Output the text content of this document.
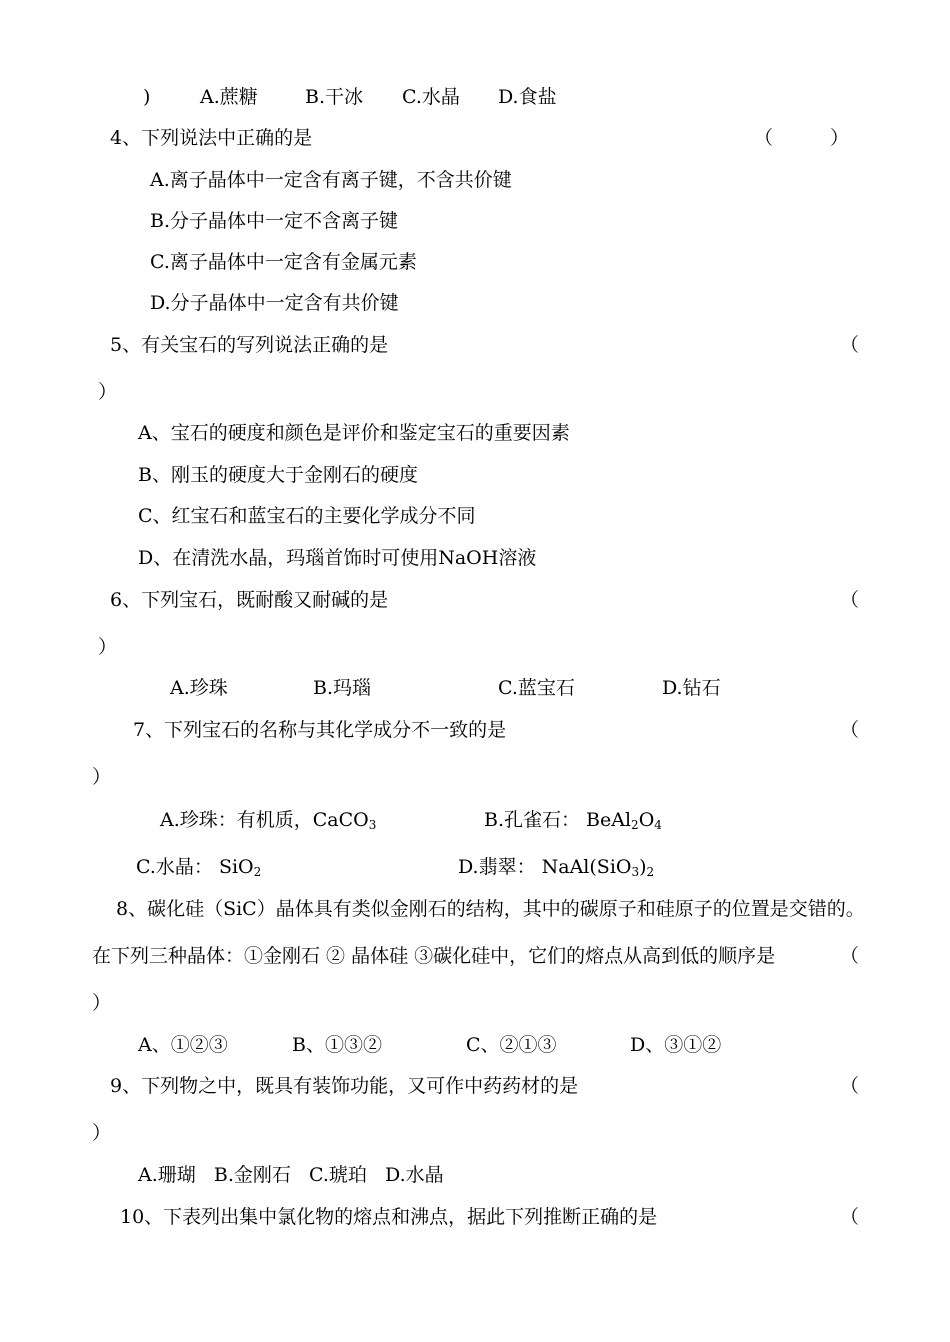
)	A.蔗糖 B.干冰 C.水晶 D.食盐
4、下列说法中正确的是	（　　　）
A.离子晶体中一定含有离子键，不含共价键
B.分子晶体中一定不含离子键
C.离子晶体中一定含有金属元素
D.分子晶体中一定含有共价键
5、有关宝石的写列说法正确的是	（
）
A、宝石的硬度和颜色是评价和鉴定宝石的重要因素
B、刚玉的硬度大于金刚石的硬度
C、红宝石和蓝宝石的主要化学成分不同
D、在清洗水晶，玛瑙首饰时可使用NaOH溶液
6、下列宝石，既耐酸又耐碱的是	（
）
A.珍珠	B.玛瑙	C.蓝宝石	D.钻石
7、下列宝石的名称与其化学成分不一致的是	（
）
A.珍珠：有机质，CaCO$_3$	B.孔雀石： $BeAl_2O_4$
C.水晶： SiO$_2$	D.翡翠： $NaAl(SiO_3)_2$
8、碳化硅（SiC）晶体具有类似金刚石的结构，其中的碳原子和硅原子的位置是交错的。
在下列三种晶体：①金刚石 ② 晶体硅 ③碳化硅中，它们的熔点从高到低的顺序是	（
）
A、①②③	B、①③②	C、②①③	D、③①②
9、下列物之中，既具有装饰功能，又可作中药药材的是	（
）
A.珊瑚   B.金刚石   C.琥珀   D.水晶
10、下表列出集中氯化物的熔点和沸点，据此下列推断正确的是	（
